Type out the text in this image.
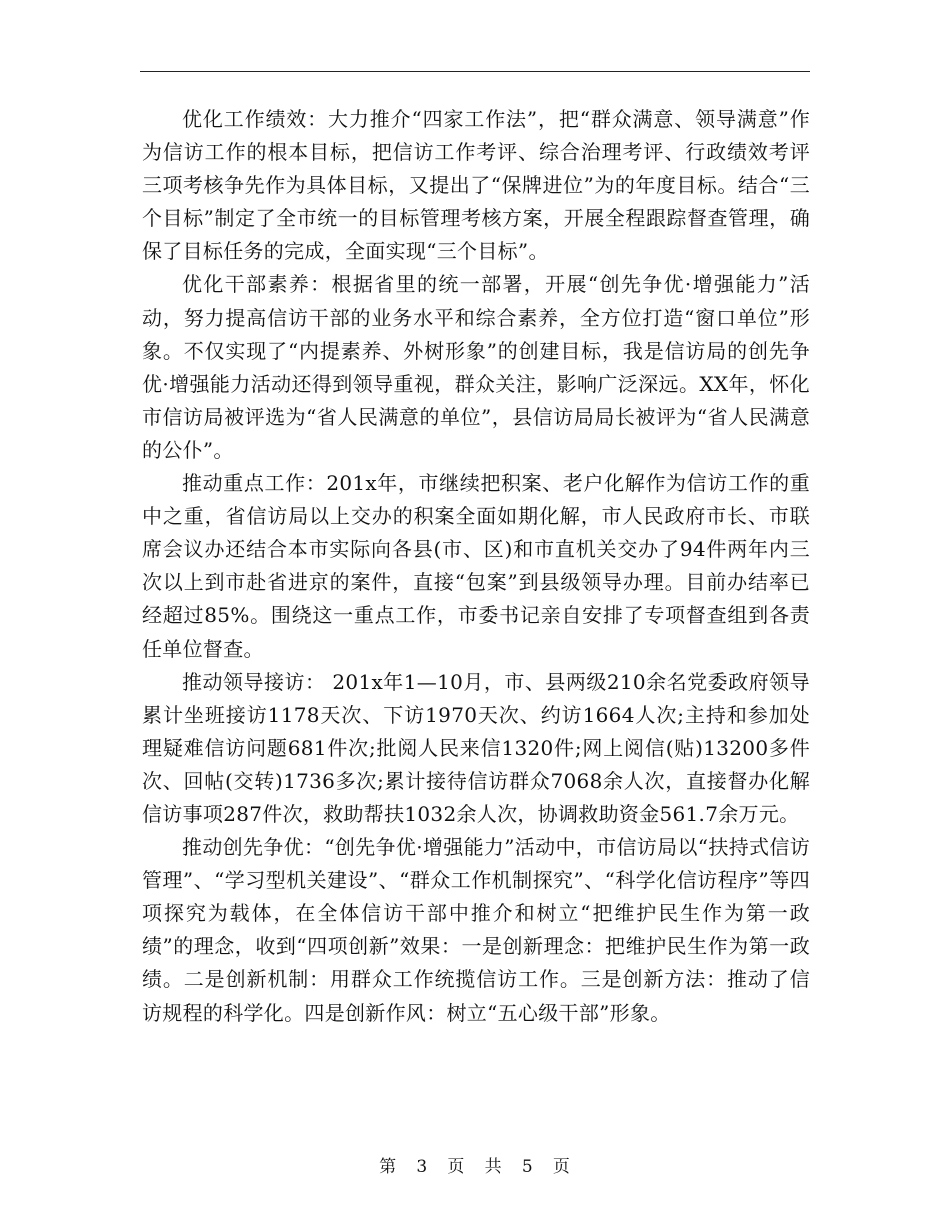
优化工作绩效：大力推介“四家工作法”，把“群众满意、领导满意”作为信访工作的根本目标，把信访工作考评、综合治理考评、行政绩效考评三项考核争先作为具体目标，又提出了“保牌进位”为的年度目标。结合“三个目标”制定了全市统一的目标管理考核方案，开展全程跟踪督查管理，确保了目标任务的完成，全面实现“三个目标”。

优化干部素养：根据省里的统一部署，开展“创先争优·增强能力”活动，努力提高信访干部的业务水平和综合素养，全方位打造“窗口单位”形象。不仅实现了“内提素养、外树形象”的创建目标，我是信访局的创先争优·增强能力活动还得到领导重视，群众关注，影响广泛深远。XX年，怀化市信访局被评选为“省人民满意的单位”，县信访局局长被评为“省人民满意的公仆”。

推动重点工作：201x年，市继续把积案、老户化解作为信访工作的重中之重，省信访局以上交办的积案全面如期化解，市人民政府市长、市联席会议办还结合本市实际向各县(市、区)和市直机关交办了94件两年内三次以上到市赴省进京的案件，直接“包案”到县级领导办理。目前办结率已经超过85%。围绕这一重点工作，市委书记亲自安排了专项督查组到各责任单位督查。

推动领导接访： 201x年1—10月，市、县两级210余名党委政府领导累计坐班接访1178天次、下访1970天次、约访1664人次;主持和参加处理疑难信访问题681件次;批阅人民来信1320件;网上阅信(贴)13200多件次、回帖(交转)1736多次;累计接待信访群众7068余人次，直接督办化解信访事项287件次，救助帮扶1032余人次，协调救助资金561.7余万元。

推动创先争优：“创先争优·增强能力”活动中，市信访局以“扶持式信访管理”、“学习型机关建设”、“群众工作机制探究”、“科学化信访程序”等四项探究为载体，在全体信访干部中推介和树立“把维护民生作为第一政绩”的理念，收到“四项创新”效果：一是创新理念：把维护民生作为第一政绩。二是创新机制：用群众工作统揽信访工作。三是创新方法：推动了信访规程的科学化。四是创新作风：树立“五心级干部”形象。

第 3 页 共 5 页
